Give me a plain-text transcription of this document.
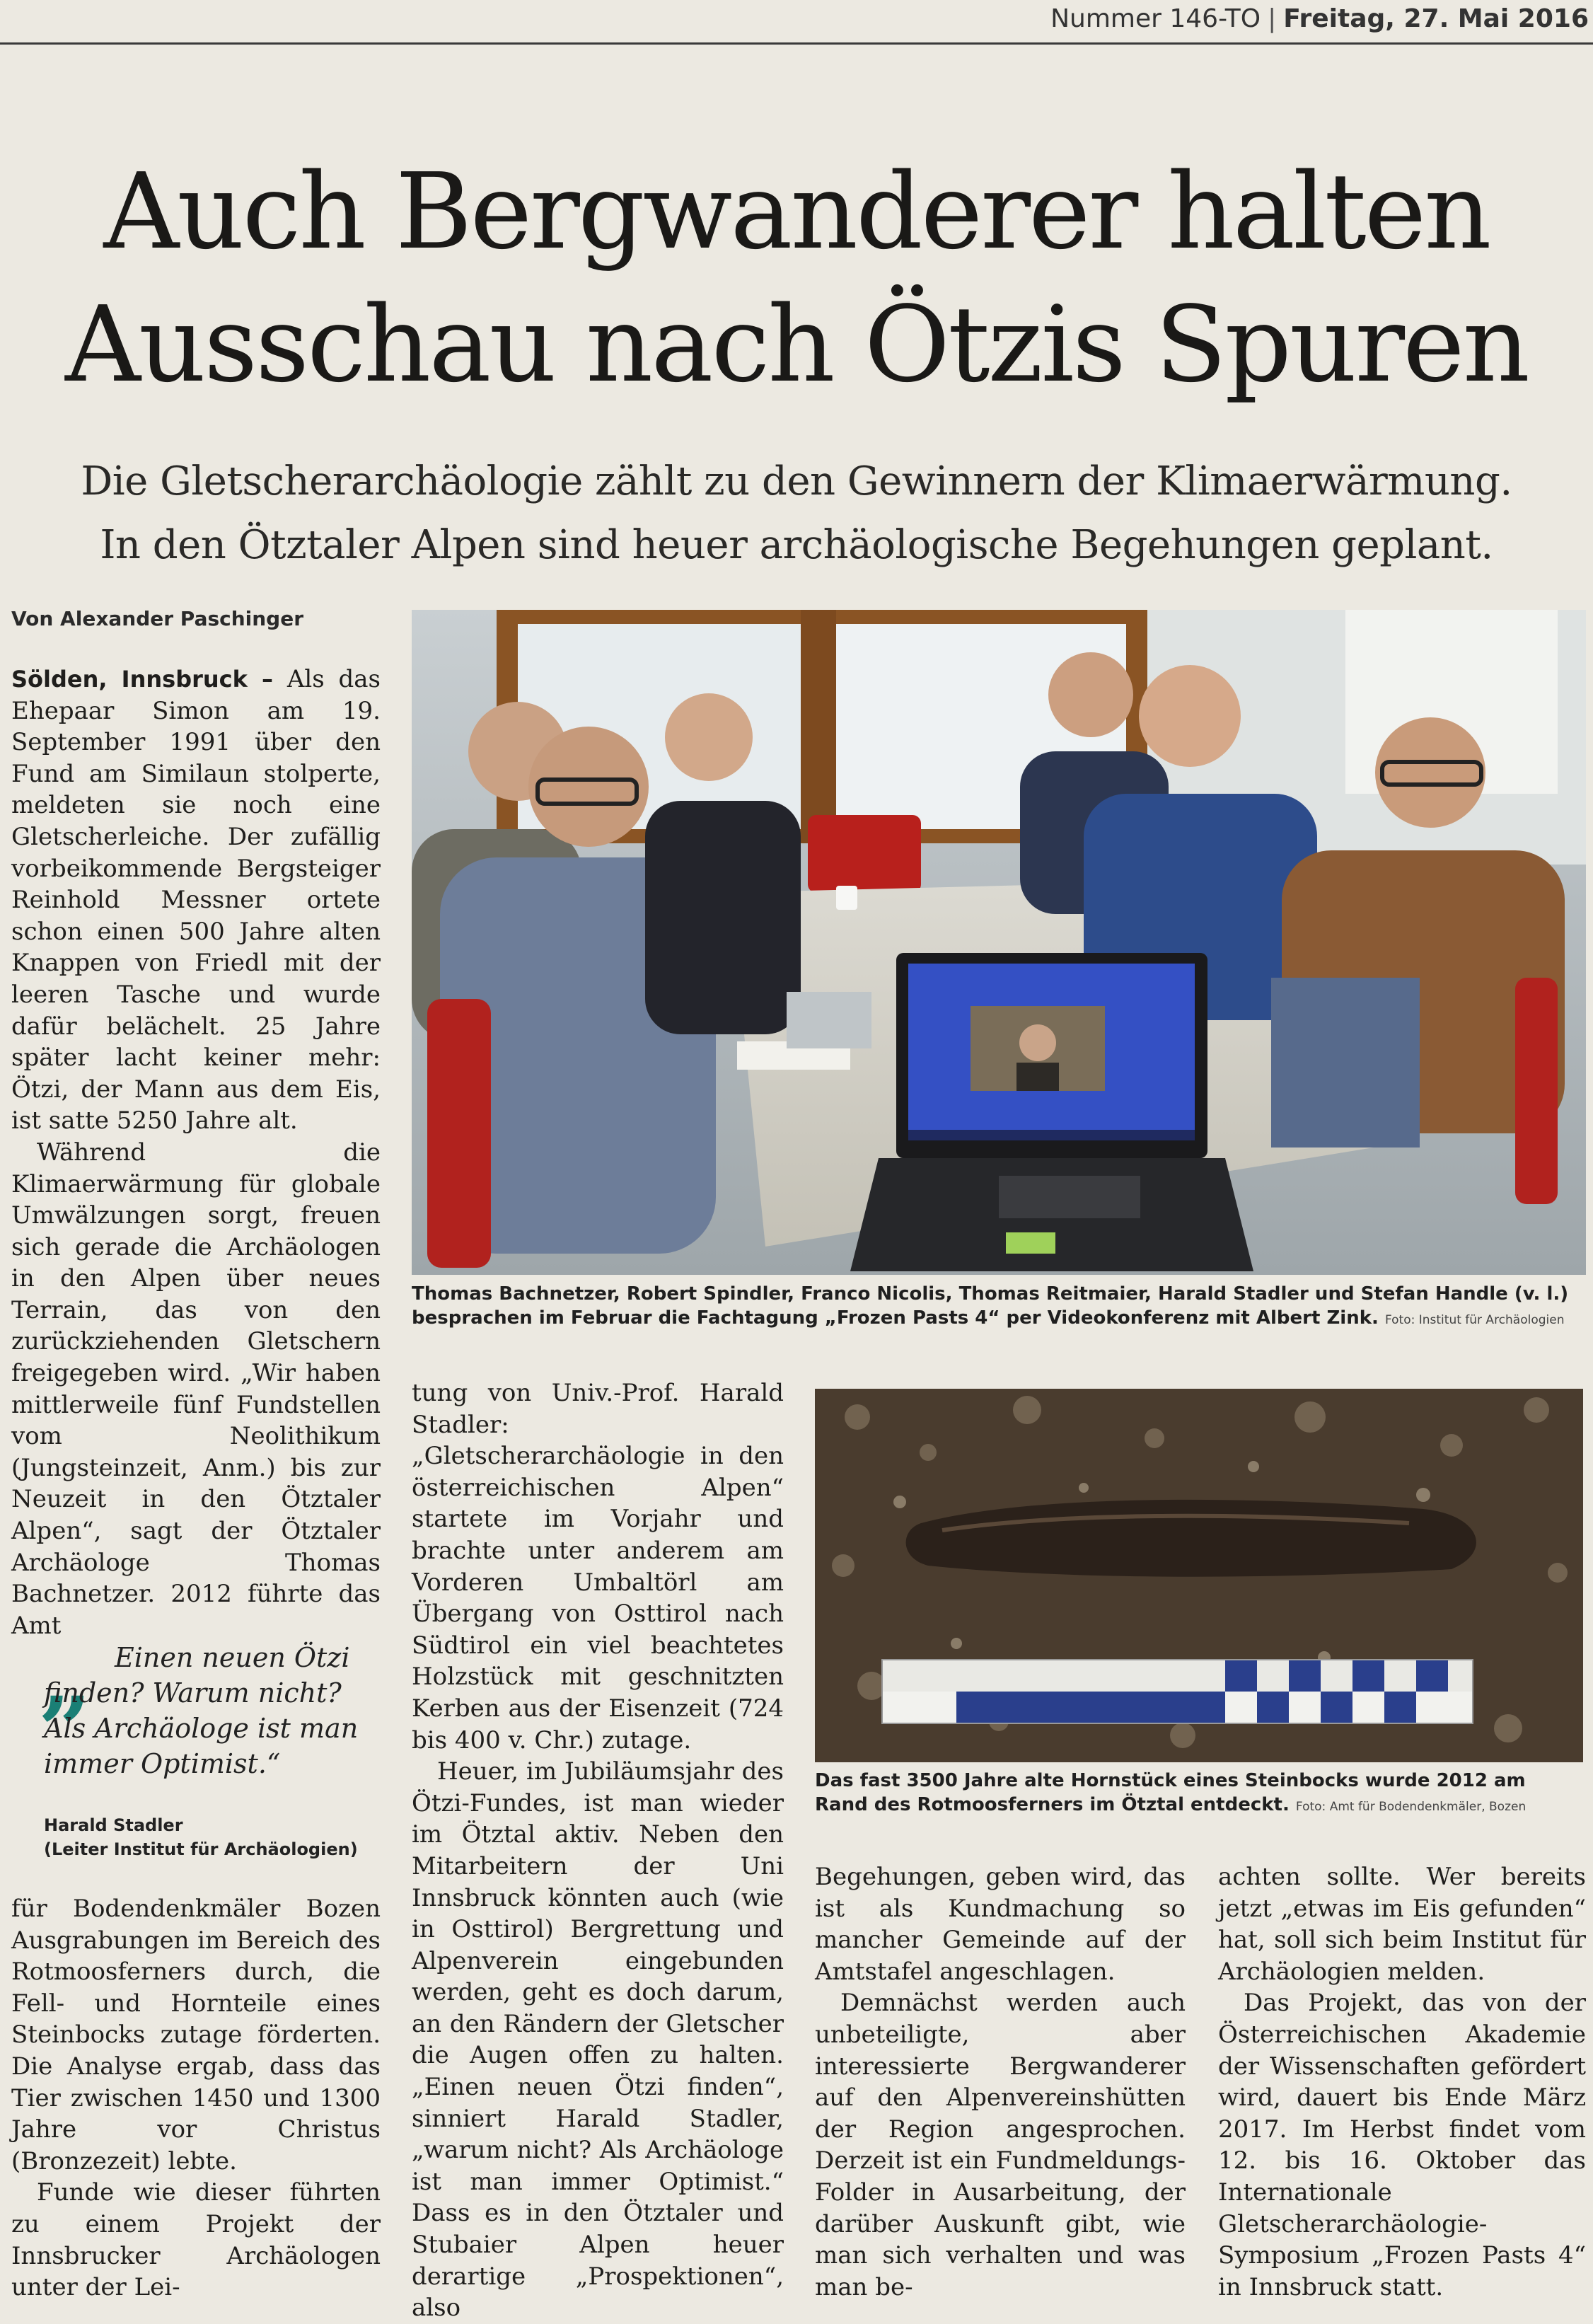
Nummer 146-TO | Freitag, 27. Mai 2016
Auch Bergwanderer halten
Ausschau nach Ötzis Spuren
Die Gletscherarchäologie zählt zu den Gewinnern der Klimaerwärmung.
In den Ötztaler Alpen sind heuer archäologische Begehungen geplant.
Von Alexander Paschinger

Sölden, Innsbruck – Als das Ehepaar Simon am 19. September 1991 über den Fund am Similaun stolperte, meldeten sie noch eine Gletscherleiche. Der zufällig vorbeikommende Bergsteiger Reinhold Messner ortete schon einen 500 Jahre alten Knappen von Friedl mit der leeren Tasche und wurde dafür belächelt. 25 Jahre später lacht keiner mehr: Ötzi, der Mann aus dem Eis, ist satte 5250 Jahre alt.

Während die Klimaerwärmung für globale Umwälzungen sorgt, freuen sich gerade die Archäologen in den Alpen über neues Terrain, das von den zurückziehenden Gletschern freigegeben wird. „Wir haben mittlerweile fünf Fundstellen vom Neolithikum (Jungsteinzeit, Anm.) bis zur Neuzeit in den Ötztaler Alpen“, sagt der Ötztaler Archäologe Thomas Bachnetzer. 2012 führte das Amt

„ Einen neuen Ötzi finden? Warum nicht? Als Archäologe ist man immer Optimist.“
Harald Stadler
(Leiter Institut für Archäologien)

für Bodendenkmäler Bozen Ausgrabungen im Bereich des Rotmoosferners durch, die Fell- und Hornteile eines Steinbocks zutage förderten. Die Analyse ergab, dass das Tier zwischen 1450 und 1300 Jahre vor Christus (Bronzezeit) lebte.

Funde wie dieser führten zu einem Projekt der Innsbrucker Archäologen unter der Lei-

Thomas Bachnetzer, Robert Spindler, Franco Nicolis, Thomas Reitmaier, Harald Stadler und Stefan Handle (v. l.) besprachen im Februar die Fachtagung „Frozen Pasts 4“ per Videokonferenz mit Albert Zink. Foto: Institut für Archäologien

tung von Univ.-Prof. Harald Stadler: „Gletscherarchäologie in den österreichischen Alpen“ startete im Vorjahr und brachte unter anderem am Vorderen Umbaltörl am Übergang von Osttirol nach Südtirol ein viel beachtetes Holzstück mit geschnitzten Kerben aus der Eisenzeit (724 bis 400 v. Chr.) zutage.

Heuer, im Jubiläumsjahr des Ötzi-Fundes, ist man wieder im Ötztal aktiv. Neben den Mitarbeitern der Uni Innsbruck könnten auch (wie in Osttirol) Bergrettung und Alpenverein eingebunden werden, geht es doch darum, an den Rändern der Gletscher die Augen offen zu halten. „Einen neuen Ötzi finden“, sinniert Harald Stadler, „warum nicht? Als Archäologe ist man immer Optimist.“ Dass es in den Ötztaler und Stubaier Alpen heuer derartige „Prospektionen“, also

Das fast 3500 Jahre alte Hornstück eines Steinbocks wurde 2012 am Rand des Rotmoosferners im Ötztal entdeckt. Foto: Amt für Bodendenkmäler, Bozen

Begehungen, geben wird, das ist als Kundmachung so mancher Gemeinde auf der Amtstafel angeschlagen.

Demnächst werden auch unbeteiligte, aber interessierte Bergwanderer auf den Alpenvereinshütten der Region angesprochen. Derzeit ist ein Fundmeldungs-Folder in Ausarbeitung, der darüber Auskunft gibt, wie man sich verhalten und was man be-

achten sollte. Wer bereits jetzt „etwas im Eis gefunden“ hat, soll sich beim Institut für Archäologien melden.

Das Projekt, das von der Österreichischen Akademie der Wissenschaften gefördert wird, dauert bis Ende März 2017. Im Herbst findet vom 12. bis 16. Oktober das Internationale Gletscherarchäologie-Symposium „Frozen Pasts 4“ in Innsbruck statt.
